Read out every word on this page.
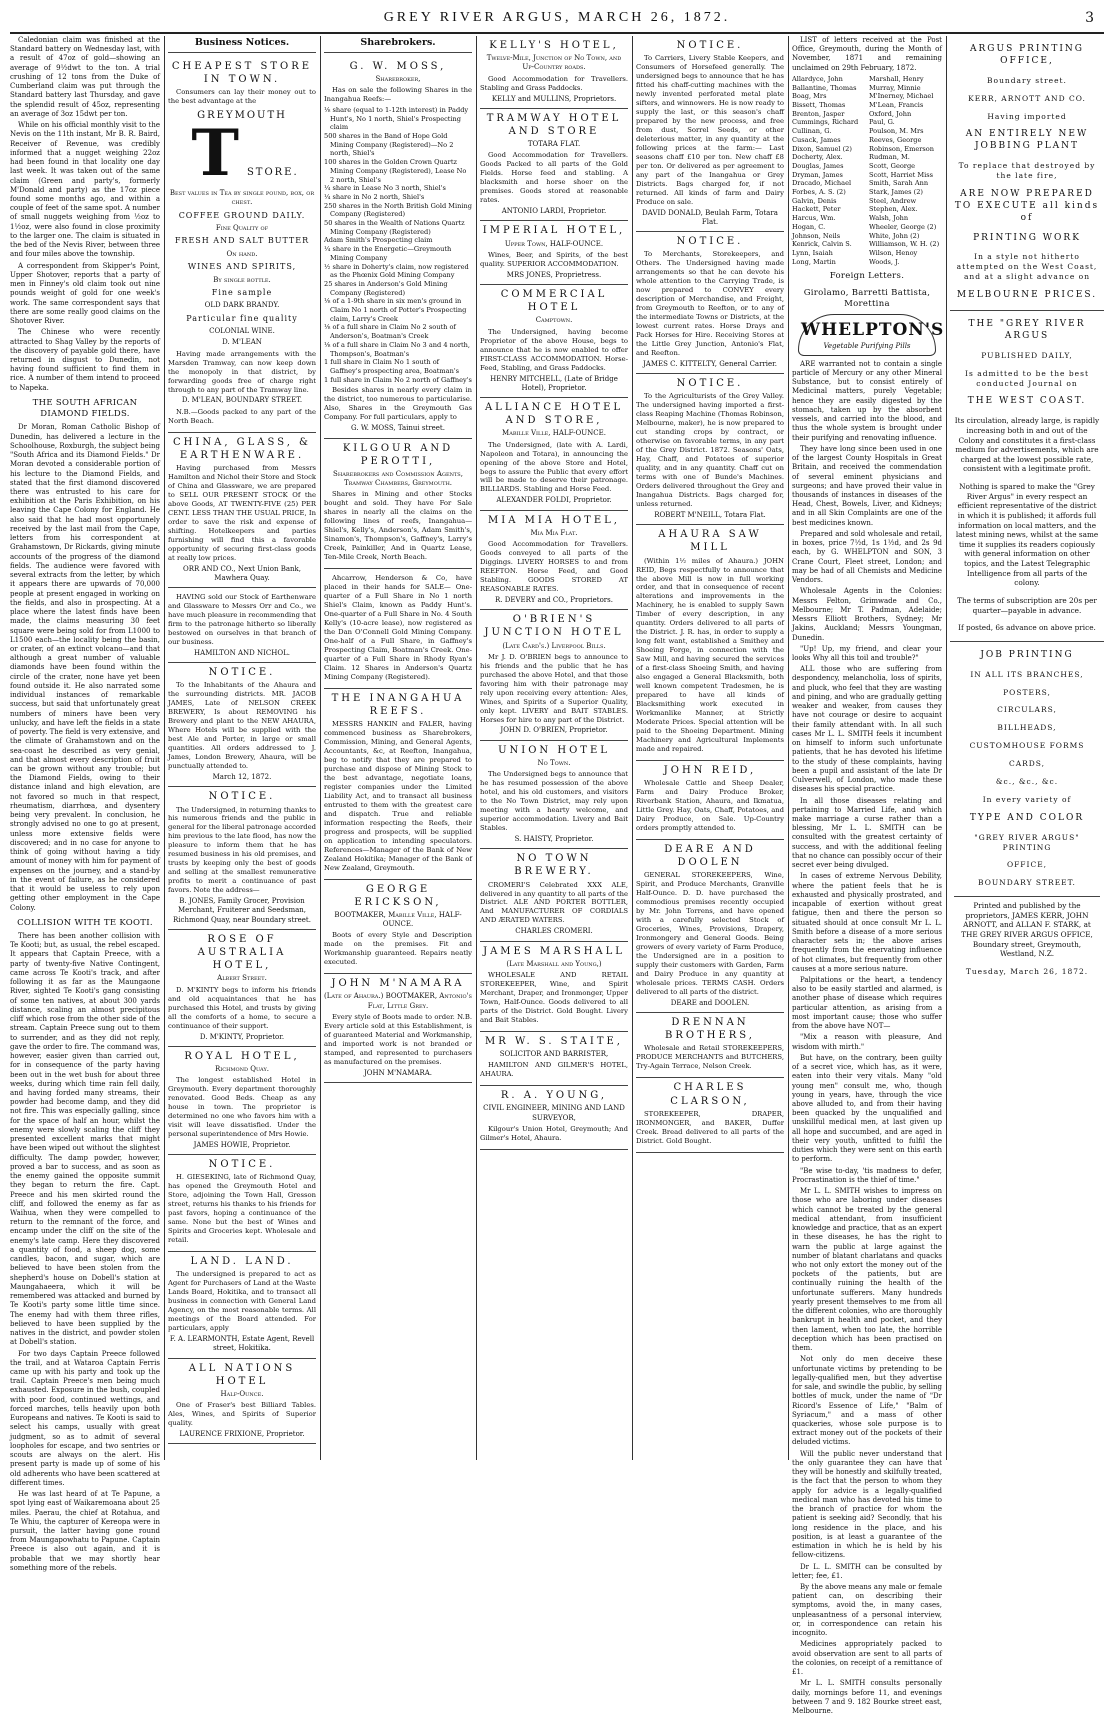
GREY RIVER ARGUS, MARCH 26, 1872.	3

Caledonian claim was finished at the Standard battery on Wednesday last, with a result of 47oz of gold—showing an average of 9½dwt to the ton. A trial crushing of 12 tons from the Duke of Cumberland claim was put through the Standard battery last Thursday, and gave the splendid result of 45oz, representing an average of 3oz 15dwt per ton.

While on his official monthly visit to the Nevis on the 11th instant, Mr B. R. Baird, Receiver of Revenue, was credibly informed that a nugget weighing 22oz had been found in that locality one day last week. It was taken out of the same claim (Green and party's, formerly M'Donald and party) as the 17oz piece found some months ago, and within a couple of feet of the same spot. A number of small nuggets weighing from ½oz to 1½oz, were also found in close proximity to the larger one. The claim is situated in the bed of the Nevis River, between three and four miles above the township.

A correspondent from Skipper's Point, Upper Shotover, reports that a party of men in Finney's old claim took out nine pounds weight of gold for one week's work. The same correspondent says that there are some really good claims on the Shotover River.

The Chinese who were recently attracted to Shag Valley by the reports of the discovery of payable gold there, have returned in disgust to Dunedin, not having found sufficient to find them in rice. A number of them intend to proceed to Napeka.

THE SOUTH AFRICAN DIAMOND FIELDS.

Dr Moran, Roman Catholic Bishop of Dunedin, has delivered a lecture in the Schoolhouse, Roxburgh, the subject being "South Africa and its Diamond Fields." Dr Moran devoted a considerable portion of his lecture to the Diamond Fields, and stated that the first diamond discovered there was entrusted to his care for exhibition at the Paris Exhibition, on his leaving the Cape Colony for England. He also said that he had most opportunely received by the last mail from the Cape, letters from his correspondent at Grahamstown, Dr Rickards, giving minute accounts of the progress of the diamond fields. The audience were favored with several extracts from the letter, by which it appears there are upwards of 70,000 people at present engaged in working on the fields, and also in prospecting. At a place where the latest finds have been made, the claims measuring 30 feet square were being sold for from L1000 to L1500 each—the locality being the basin, or crater, of an extinct volcano—and that although a great number of valuable diamonds have been found within the circle of the crater, none have yet been found outside it. He also narrated some individual instances of remarkable success, but said that unfortunately great numbers of miners have been very unlucky, and have left the fields in a state of poverty. The field is very extensive, and the climate of Grahamstown and on the sea-coast he described as very genial, and that almost every description of fruit can be grown without any trouble; but the Diamond Fields, owing to their distance inland and high elevation, are not favored so much in that respect, rheumatism, diarrhœa, and dysentery being very prevalent. In conclusion, he strongly advised no one to go at present, unless more extensive fields were discovered; and in no case for anyone to think of going without having a tidy amount of money with him for payment of expenses on the journey, and a stand-by in the event of failure, as he considered that it would be useless to rely upon getting other employment in the Cape Colony.

COLLISION WITH TE KOOTI.

There has been another collision with Te Kooti; but, as usual, the rebel escaped. It appears that Captain Preece, with a party of twenty-five Native Contingent, came across Te Kooti's track, and after following it as far as the Maungaone River, sighted Te Kooti's gang consisting of some ten natives, at about 300 yards distance, scaling an almost precipitous cliff which rose from the other side of the stream. Captain Preece sung out to them to surrender, and as they did not reply, gave the order to fire. The command was, however, easier given than carried out, for in consequence of the party having been out in the wet bush for about three weeks, during which time rain fell daily, and having forded many streams, their powder had become damp, and they did not fire. This was especially galling, since for the space of half an hour, whilst the enemy were slowly scaling the cliff they presented excellent marks that might have been wiped out without the slightest difficulty. The damp powder, however, proved a bar to success, and as soon as the enemy gained the opposite summit they began to return the fire. Capt. Preece and his men skirted round the cliff, and followed the enemy as far as Waihua, when they were compelled to return to the remnant of the force, and encamp under the cliff on the site of the enemy's late camp. Here they discovered a quantity of food, a sheep dog, some candles, bacon, and sugar, which are believed to have been stolen from the shepherd's house on Dobell's station at Maungahaeera, which it will be remembered was attacked and burned by Te Kooti's party some little time since. The enemy had with them three rifles, believed to have been supplied by the natives in the district, and powder stolen at Dobell's station.

For two days Captain Preece followed the trail, and at Wataroa Captain Ferris came up with his party and took up the trail. Captain Preece's men being much exhausted. Exposure in the bush, coupled with poor food, continued wettings, and forced marches, tells heavily upon both Europeans and natives. Te Kooti is said to select his camps, usually with great judgment, so as to admit of several loopholes for escape, and two sentries or scouts are always on the alert. His present party is made up of some of his old adherents who have been scattered at different times.

He was last heard of at Te Papune, a spot lying east of Waikaremoana about 25 miles. Paerau, the chief at Rotahua, and Te Whiu, the capturer of Kereopa were in pursuit, the latter having gone round from Maungapowhatu to Papune. Captain Preece is also out again, and it is probable that we may shortly hear something more of the rebels.

Business Notices.
CHEAPEST STORE IN TOWN.
Consumers can lay their money out to the best advantage at the
GREYMOUTHT STORE.
Best values in Tea by single pound, box, or chest.
COFFEE GROUND DAILY.
Fine Quality of
FRESH AND SALT BUTTER
On hand.
WINES AND SPIRITS,
By single bottle.
Fine sample
OLD DARK BRANDY.
Particular fine quality
COLONIAL WINE.
D. M'LEAN
Having made arrangements with the Marsden Tramway, can now keep down the monopoly in that district, by forwarding goods free of charge right through to any part of the Tramway line.
D. M'LEAN, BOUNDARY STREET.
N.B.—Goods packed to any part of the North Beach.
CHINA, GLASS, & EARTHENWARE.
Having purchased from Messrs Hamilton and Nichol their Store and Stock of China and Glassware, we are prepared to SELL OUR PRESENT STOCK Of the above Goods, AT TWENTY-FIVE (25) PER CENT. LESS THAN THE USUAL PRICE, In order to save the risk and expense of shifting. Hotelkeepers and parties furnishing will find this a favorable opportunity of securing first-class goods at really low prices.
ORR AND CO., Next Union Bank, Mawhera Quay.
HAVING sold our Stock of Earthenware and Glassware to Messrs Orr and Co., we have much pleasure in recommending that firm to the patronage hitherto so liberally bestowed on ourselves in that branch of our business.
HAMILTON AND NICHOL.
NOTICE.
To the Inhabitants of the Ahaura and the surrounding districts. MR. JACOB JAMES, Late of NELSON CREEK BREWERY, Is about REMOVING his Brewery and plant to the NEW AHAURA, Where Hotels will be supplied with the best Ale and Porter, in large or small quantities. All orders addressed to J. James, London Brewery, Ahaura, will be punctually attended to.
March 12, 1872.
NOTICE.
The Undersigned, in returning thanks to his numerous friends and the public in general for the liberal patronage accorded him previous to the late flood, has now the pleasure to inform them that he has resumed business in his old premises, and trusts by keeping only the best of goods and selling at the smallest remunerative profits to merit a continuance of past favors. Note the address—
B. JONES, Family Grocer, Provision Merchant, Fruiterer and Seedsman, Richmond Quay, near Boundary street.
ROSE OF AUSTRALIA HOTEL,
Albert Street.
D. M'KINTY begs to inform his friends and old acquaintances that he has purchased this Hotel, and trusts by giving all the comforts of a home, to secure a continuance of their support.
D. M'KINTY, Proprietor.
ROYAL HOTEL,
Richmond Quay.
The longest established Hotel in Greymouth. Every department thoroughly renovated. Good Beds. Cheap as any house in town. The proprietor is determined no one who favors him with a visit will leave dissatisfied. Under the personal superintendence of Mrs Howie.
JAMES HOWIE, Proprietor.
NOTICE.
H. GIESEKING, late of Richmond Quay, has opened the Greymouth Hotel and Store, adjoining the Town Hall, Gresson street, returns his thanks to his friends for past favors, hoping a continuance of the same. None but the best of Wines and Spirits and Groceries kept. Wholesale and retail.
LAND. LAND.
The undersigned is prepared to act as Agent for Purchasers of Land at the Waste Lands Board, Hokitika, and to transact all business in connection with General Land Agency, on the most reasonable terms. All meetings of the Board attended. For particulars, apply
F. A. LEARMONTH, Estate Agent, Revell street, Hokitika.
ALL NATIONS HOTEL
Half-Ounce.
One of Fraser's best Billiard Tables. Ales, Wines, and Spirits of Superior quality.
LAURENCE FRIXIONE, Proprietor.
Sharebrokers.
G. W. MOSS,
Sharebroker,
Has on sale the following Shares in the Inangahua Reefs:—
⅛ share (equal to 1-12th interest) in Paddy Hunt's, No 1 north, Shiel's Prospecting claim
500 shares in the Band of Hope Gold Mining Company (Registered)—No 2 north, Shiel's
100 shares in the Golden Crown Quartz Mining Company (Registered), Lease No 2 north, Shiel's
¼ share in Lease No 3 north, Shiel's
¼ share in No 2 north, Shiel's
250 shares in the North British Gold Mining Company (Registered)
50 shares in the Wealth of Nations Quartz Mining Company (Registered)
Adam Smith's Prospecting claim
¼ share in the Energetic—Greymouth Mining Company
½ share in Doherty's claim, now registered as the Phœnix Gold Mining Company
25 shares in Anderson's Gold Mining Company (Registered)
⅛ of a 1-9th share in six men's ground in Claim No 1 north of Potter's Prospecting claim, Larry's Creek
⅛ of a full share in Claim No 2 south of Anderson's, Boatman's Creek
⅛ of a full share in Claim No 3 and 4 north, Thompson's, Boatman's
1 full share in Claim No 1 south of Gaffney's prospecting area, Boatman's
1 full share in Claim No 2 north of Gaffney's
Besides shares in nearly every claim in the district, too numerous to particularise. Also, Shares in the Greymouth Gas Company. For full particulars, apply to
G. W. MOSS, Tainui street.
KILGOUR AND PEROTTI,
Sharebrokers and Commission Agents, Tramway Chambers, Greymouth.
Shares in Mining and other Stocks bought and sold. They have For Sale shares in nearly all the claims on the following lines of reefs, Inangahua— Shiel's, Kelly's, Anderson's, Adam Smith's, Sinamon's, Thompson's, Gaffney's, Larry's Creek, Painkiller, And in Quartz Lease, Ten-Mile Creek, North Beach.
Ahcarrow, Henderson & Co, have placed in their hands for SALE— One-quarter of a Full Share in No 1 north Shiel's Claim, known as Paddy Hunt's. One-quarter of a Full Share in No. 4 South Kelly's (10-acre lease), now registered as the Dan O'Connell Gold Mining Company. One-half of a Full Share, in Gaffney's Prospecting Claim, Boatman's Creek. One-quarter of a Full Share in Rhody Ryan's Claim. 12 Shares in Anderson's Quartz Mining Company (Registered).
THE INANGAHUA REEFS.
MESSRS HANKIN and FALER, having commenced business as Sharebrokers, Commission, Mining, and General Agents, Accountants, &c, at Reefton, Inangahua, beg to notify that they are prepared to purchase and dispose of Mining Stock to the best advantage, negotiate loans, register companies under the Limited Liability Act, and to transact all business entrusted to them with the greatest care and dispatch. True and reliable information respecting the Reefs, their progress and prospects, will be supplied on application to intending speculators. References—Manager of the Bank of New Zealand Hokitika; Manager of the Bank of New Zealand, Greymouth.
GEORGE ERICKSON,
BOOTMAKER, Mabille Ville, HALF-OUNCE.
Boots of every Style and Description made on the premises. Fit and Workmanship guaranteed. Repairs neatly executed.
JOHN M'NAMARA
(Late of Ahaura.) BOOTMAKER, Antonio's Flat, Little Grey.
Every style of Boots made to order. N.B. Every article sold at this Establishment, is of guaranteed Material and Workmanship, and imported work is not branded or stamped, and represented to purchasers as manufactured on the premises.
JOHN M'NAMARA.
KELLY'S HOTEL,
Twelve-Mile, Junction of No Town, and Up-Country roads.
Good Accommodation for Travellers. Stabling and Grass Paddocks.
KELLY and MULLINS, Proprietors.
TRAMWAY HOTEL AND STORE
TOTARA FLAT.
Good Accommodation for Travellers. Goods Packed to all parts of the Gold Fields. Horse feed and stabling. A blacksmith and horse shoer on the premises. Goods stored at reasonable rates.
ANTONIO LARDI, Proprietor.
IMPERIAL HOTEL,
Upper Town, HALF-OUNCE.
Wines, Beer, and Spirits, of the best quality. SUPERIOR ACCOMMODATION.
MRS JONES, Proprietress.
COMMERCIAL HOTEL
Camptown.
The Undersigned, having become Proprietor of the above House, begs to announce that he is now enabled to offer FIRST-CLASS ACCOMMODATION. Horse-Feed, Stabling, and Grass Paddocks.
HENRY MITCHELL, (Late of Bridge Hotel), Proprietor.
ALLIANCE HOTEL AND STORE,
Mabille Ville, HALF-OUNCE.
The Undersigned, (late with A. Lardi, Napoleon and Totara), in announcing the opening of the above Store and Hotel, begs to assure the Public that every effort will be made to deserve their patronage. BILLIARDS. Stabling and Horse Feed.
ALEXANDER FOLDI, Proprietor.
MIA MIA HOTEL,
Mia Mia Flat.
Good Accommodation for Travellers. Goods conveyed to all parts of the Diggings. LIVERY HORSES to and from REEFTON. Horse Feed, and Good Stabling. GOODS STORED AT REASONABLE RATES.
R. DEVERY and CO., Proprietors.
O'BRIEN'S JUNCTION HOTEL
(Late Card's.) Liverpool Bills.
Mr J. D. O'BRIEN begs to announce to his friends and the public that he has purchased the above Hotel, and that those favoring him with their patronage may rely upon receiving every attention: Ales, Wines, and Spirits of a Superior Quality, only kept. LIVERY and BAIT STABLES. Horses for hire to any part of the District.
JOHN D. O'BRIEN, Proprietor.
UNION HOTEL
No Town.
The Undersigned begs to announce that he has resumed possession of the above hotel, and his old customers, and visitors to the No Town District, may rely upon meeting with a hearty welcome, and superior accommodation. Livery and Bait Stables.
S. HAISTY, Proprietor.
NO TOWN BREWERY.
CROMERI'S Celebrated XXX ALE, delivered in any quantity to all parts of the District. ALE AND PORTER BOTTLER, And MANUFACTURER OF CORDIALS AND ÆRATED WATERS.
CHARLES CROMERI.
JAMES MARSHALL
(Late Marshall and Young,)
WHOLESALE AND RETAIL STOREKEEPER, Wine, and Spirit Merchant, Draper, and Ironmonger, Upper Town, Half-Ounce. Goods delivered to all parts of the District. Gold Bought. Livery and Bait Stables.
MR W. S. STAITE,
SOLICITOR AND BARRISTER,
HAMILTON AND GILMER'S HOTEL, AHAURA.
R. A. YOUNG,
CIVIL ENGINEER, MINING AND LAND SURVEYOR,
Kilgour's Union Hotel, Greymouth; And Gilmer's Hotel, Ahaura.
NOTICE.
To Carriers, Livery Stable Keepers, and Consumers of Horsefeed generally. The undersigned begs to announce that he has fitted his chaff-cutting machines with the newly invented perforated metal plate sifters, and winnowers. He is now ready to supply the last, or this season's chaff prepared by the new process, and free from dust, Sorrel Seeds, or other deleterious matter, in any quantity at the following prices at the farm:— Last seasons chaff £10 per ton. New chaff £8 per ton. Or delivered as per agreement to any part of the Inangahua or Grey Districts. Bags charged for, if not returned. All kinds of farm and Dairy Produce on sale.
DAVID DONALD, Beulah Farm, Totara Flat.
NOTICE.
To Merchants, Storekeepers, and Others. The Undersigned having made arrangements so that he can devote his whole attention to the Carrying Trade, is now prepared to CONVEY every description of Merchandise, and Freight, from Greymouth to Reefton, or to any of the intermediate Towns or Districts, at the lowest current rates. Horse Drays and Pack Horses for Hire. Receiving Stores at the Little Grey Junction, Antonio's Flat, and Reefton.
JAMES C. KITTELTY, General Carrier.
NOTICE.
To the Agriculturists of the Grey Valley. The undersigned having imported a first-class Reaping Machine (Thomas Robinson, Melbourne, maker), he is now prepared to cut standing crops by contract, or otherwise on favorable terms, in any part of the Grey District. 1872. Seasons' Oats, Hay, Chaff, and Potatoes of superior quality, and in any quantity. Chaff cut on terms with one of Bunde's Machines. Orders delivered throughout the Grey and Inangahua Districts. Bags charged for, unless returned.
ROBERT M'NEILL, Totara Flat.
AHAURA SAW MILL
(Within 1½ miles of Ahaura.) JOHN REID, Begs respectfully to announce that the above Mill is now in full working order, and that in consequence of recent alterations and improvements in the Machinery, he is enabled to supply Sawn Timber of every description, in any quantity. Orders delivered to all parts of the District. J. R. has, in order to supply a long felt want, established a Smithey and Shoeing Forge, in connection with the Saw Mill, and having secured the services of a first-class Shoeing Smith, and having also engaged a General Blacksmith, both well known competent Tradesmen, he is prepared to have all kinds of Blacksmithing work executed in Workmanlike Manner, at Strictly Moderate Prices. Special attention will be paid to the Shoeing Department. Mining Machinery and Agricultural Implements made and repaired.
JOHN REID,
Wholesale Cattle and Sheep Dealer, Farm and Dairy Produce Broker, Riverbank Station, Ahaura, and Ikmatua, Little Grey. Hay, Oats, Chaff, Potatoes, and Dairy Produce, on Sale. Up-Country orders promptly attended to.
DEARE AND DOOLEN
GENERAL STOREKEEPERS, Wine, Spirit, and Produce Merchants, Granville Half-Ounce. D. D. have purchased the commodious premises recently occupied by Mr. John Torrens, and have opened with a carefully selected Stock of Groceries, Wines, Provisions, Drapery, Ironmongery and General Goods. Being growers of every variety of Farm Produce, the Undersigned are in a position to supply their customers with Garden, Farm and Dairy Produce in any quantity at wholesale prices. TERMS CASH. Orders delivered to all parts of the district.
DEARE and DOOLEN.
DRENNAN BROTHERS,
Wholesale and Retail STOREKEEPERS, PRODUCE MERCHANTS and BUTCHERS, Try-Again Terrace, Nelson Creek.
CHARLES CLARSON,
STOREKEEPER, DRAPER, IRONMONGER, and BAKER, Duffer Creek. Bread delivered to all parts of the District. Gold Bought.

LIST of letters received at the Post Office, Greymouth, during the Month of November, 1871 and remaining unclaimed on 29th February, 1872.

Allardyce, John
Ballantine, Thomas
Boag, Mrs
Bissett, Thomas
Brenton, Jasper
Cummings, Richard
Cullinan, G.
Cusack, James
Dixon, Samuel (2)
Docherty, Alex.
Douglas, James
Dryman, James
Dracado, Michael
Forbes, A. S. (2)
Galvin, Denis
Hackett, Peter
Harcus, Wm.
Hogan, C.
Johnson, Neils
Kenrick, Calvin S.
Lynn, Isaiah
Long, Martin
Marshall, Henry
Murray, Minnie
M'Inerney, Michael
M'Lean, Francis
Oxford, John
Paul, G.
Poulson, M. Mrs
Reeves, George
Robinson, Emerson
Rudman, M.
Scott, George
Scott, Harriet Miss
Smith, Sarah Ann
Stark, James (2)
Steel, Andrew
Stephen, Alex.
Walsh, John
Wheeler, George (2)
White, John (2)
Williamson, W. H. (2)
Wilson, Henoy
Woods, J.
Foreign Letters.
Girolamo, Barretti Battista, Morettina
WHELPTON'S
Vegetable Purifying Pills

ARE warranted not to contain a single particle of Mercury or any other Mineral Substance, but to consist entirely of Medicinal matters, purely Vegetable; hence they are easily digested by the stomach, taken up by the absorbent vessels, and carried into the blood, and thus the whole system is brought under their purifying and renovating influence.

They have long since been used in one of the largest County Hospitals in Great Britain, and received the commendation of several eminent physicians and surgeons; and have proved their value in thousands of instances in diseases of the Head, Chest, Bowels, Liver, and Kidneys; and in all Skin Complaints are one of the best medicines known.

Prepared and sold wholesale and retail, in boxes, price 7½d, 1s 1½d, and 2s 9d each, by G. WHELPTON and SON, 3 Crane Court, Fleet street, London; and may be had of all Chemists and Medicine Vendors.

Wholesale Agents in the Colonies: Messrs Felton, Grimwade and Co., Melbourne; Mr T. Padman, Adelaide; Messrs Elliott Brothers, Sydney; Mr Jakins, Auckland; Messrs Youngman, Dunedin.

"Up! Up, my friend, and clear your looks Why all this toil and trouble?"

ALL those who are suffering from despondency, melancholia, loss of spirits, and pluck, who feel that they are wasting and pining, and who are gradually getting weaker and weaker, from causes they have not courage or desire to acquaint their family attendant with. In all such cases Mr L. L. SMITH feels it incumbent on himself to inform such unfortunate patients, that he has devoted his lifetime to the study of these complaints, having been a pupil and assistant of the late Dr Culverwell, of London, who made these diseases his special practice.

In all those diseases relating and pertaining to Married Life, and which make marriage a curse rather than a blessing, Mr L. L. SMITH can be consulted with the greatest certainty of success, and with the additional feeling that no chance can possibly occur of their secret ever being divulged.

In cases of extreme Nervous Debility, where the patient feels that he is exhausted and physically prostrated, and incapable of exertion without great fatigue, then and there the person so situated should at once consult Mr L. L. Smith before a disease of a more serious character sets in; the above arises frequently from the enervating influence of hot climates, but frequently from other causes at a more serious nature.

Palpitations or the heart, a tendency also to be easily startled and alarmed, is another phase of disease which requires particular attention, as arising from a most important cause; those who suffer from the above have NOT—

"Mix a reason with pleasure, And wisdom with mirth."

But have, on the contrary, been guilty of a secret vice, which has, as it were, eaten into their very vitals. Many "old young men" consult me, who, though young in years, have, through the vice above alluded to, and from their having been quacked by the unqualified and unskillful medical men, at last given up all hope and succumbed, and are aged in their very youth, unfitted to fulfil the duties which they were sent on this earth to perform.

"Be wise to-day, 'tis madness to defer, Procrastination is the thief of time."

Mr L. L. SMITH wishes to impress on those who are laboring under diseases which cannot be treated by the general medical attendant, from insufficient knowledge and practice, that as an expert in these diseases, he has the right to warn the public at large against the number of blatant charlatans and quacks who not only extort the money out of the pockets of the patients, but are continually ruining the health of the unfortunate sufferers. Many hundreds yearly present themselves to me from all the different colonies, who are thoroughly bankrupt in health and pocket, and they then lament, when too late, the horrible deception which has been practised on them.

Not only do men deceive these unfortunate victims by pretending to be legally-qualified men, but they advertise for sale, and swindle the public, by selling bottles of muck, under the name of "Dr Ricord's Essence of Life," "Balm of Syriacum," and a mass of other quackeries, whose sole purpose is to extract money out of the pockets of their deluded victims.

Will the public never understand that the only guarantee they can have that they will be honestly and skilfully treated, is the fact that the person to whom they apply for advice is a legally-qualified medical man who has devoted his time to the branch of practice for whom the patient is seeking aid? Secondly, that his long residence in the place, and his position, is at least a guarantee of the estimation in which he is held by his fellow-citizens.

Dr L. L. SMITH can be consulted by letter; fee, £1.

By the above means any male or female patient can, on describing their symptoms, avoid the, in many cases, unpleasantness of a personal interview, or, in correspondence can retain his incognito.

Medicines appropriately packed to avoid observation are sent to all parts of the colonies, on receipt of a remittance of £1.

Mr L. L. SMITH consults personally daily, mornings before 11, and evenings between 7 and 9. 182 Bourke street east, Melbourne.

ARGUS PRINTING OFFICE,
Boundary street.
KERR, ARNOTT AND CO.
Having imported
AN ENTIRELY NEW JOBBING PLANT
To replace that destroyed by the late fire,
ARE NOW PREPARED TO EXECUTE all kinds of
PRINTING WORK
In a style not hitherto attempted on the West Coast, and at a slight advance on
MELBOURNE PRICES.
THE "GREY RIVER ARGUS
PUBLISHED DAILY,
Is admitted to be the best conducted Journal on
THE WEST COAST.
Its circulation, already large, is rapidly increasing both in and out of the Colony and constitutes it a first-class medium for advertisements, which are charged at the lowest possible rate, consistent with a legitimate profit.
Nothing is spared to make the "Grey River Argus" in every respect an efficient representative of the district in which it is published; it affords full information on local matters, and the latest mining news, whilst at the same time it supplies its readers copiously with general information on other topics, and the Latest Telegraphic Intelligence from all parts of the colony.
The terms of subscription are 20s per quarter—payable in advance.
If posted, 6s advance on above price.
JOB PRINTING
IN ALL ITS BRANCHES,
POSTERS,
CIRCULARS,
BILLHEADS,
CUSTOMHOUSE FORMS
CARDS,
&c., &c., &c.
In every variety of
TYPE AND COLOR
"GREY RIVER ARGUS" PRINTING
OFFICE,
BOUNDARY STREET.
Printed and published by the proprietors, JAMES KERR, JOHN ARNOTT, and ALLAN F. STARK, at THE GREY RIVER ARGUS OFFICE, Boundary street, Greymouth, Westland, N.Z.
Tuesday, March 26, 1872.
